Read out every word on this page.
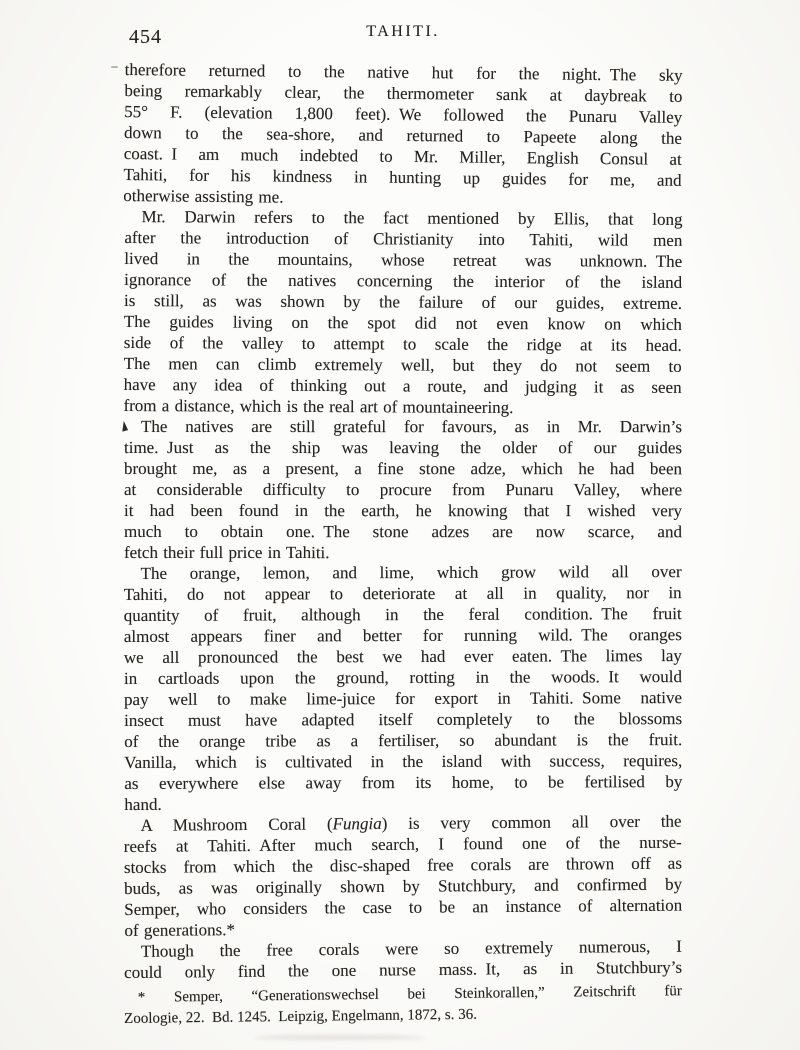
454	TAHITI.
therefore returned to the native hut for the night. The sky
being remarkably clear, the thermometer sank at daybreak to
55° F. (elevation 1,800 feet). We followed the Punaru Valley
down to the sea-shore, and returned to Papeete along the
coast. I am much indebted to Mr. Miller, English Consul at
Tahiti, for his kindness in hunting up guides for me, and
otherwise assisting me.
Mr. Darwin refers to the fact mentioned by Ellis, that long
after the introduction of Christianity into Tahiti, wild men
lived in the mountains, whose retreat was unknown. The
ignorance of the natives concerning the interior of the island
is still, as was shown by the failure of our guides, extreme.
The guides living on the spot did not even know on which
side of the valley to attempt to scale the ridge at its head.
The men can climb extremely well, but they do not seem to
have any idea of thinking out a route, and judging it as seen
from a distance, which is the real art of mountaineering.
The natives are still grateful for favours, as in Mr. Darwin’s
time. Just as the ship was leaving the older of our guides
brought me, as a present, a fine stone adze, which he had been
at considerable difficulty to procure from Punaru Valley, where
it had been found in the earth, he knowing that I wished very
much to obtain one. The stone adzes are now scarce, and
fetch their full price in Tahiti.
The orange, lemon, and lime, which grow wild all over
Tahiti, do not appear to deteriorate at all in quality, nor in
quantity of fruit, although in the feral condition. The fruit
almost appears finer and better for running wild. The oranges
we all pronounced the best we had ever eaten. The limes lay
in cartloads upon the ground, rotting in the woods. It would
pay well to make lime-juice for export in Tahiti. Some native
insect must have adapted itself completely to the blossoms
of the orange tribe as a fertiliser, so abundant is the fruit.
Vanilla, which is cultivated in the island with success, requires,
as everywhere else away from its home, to be fertilised by
hand.
A Mushroom Coral (Fungia) is very common all over the
reefs at Tahiti. After much search, I found one of the nurse-
stocks from which the disc-shaped free corals are thrown off as
buds, as was originally shown by Stutchbury, and confirmed by
Semper, who considers the case to be an instance of alternation
of generations.*
Though the free corals were so extremely numerous, I
could only find the one nurse mass. It, as in Stutchbury’s
* Semper, “Generationswechsel bei Steinkorallen,” Zeitschrift für
Zoologie, 22. Bd. 1245. Leipzig, Engelmann, 1872, s. 36.
